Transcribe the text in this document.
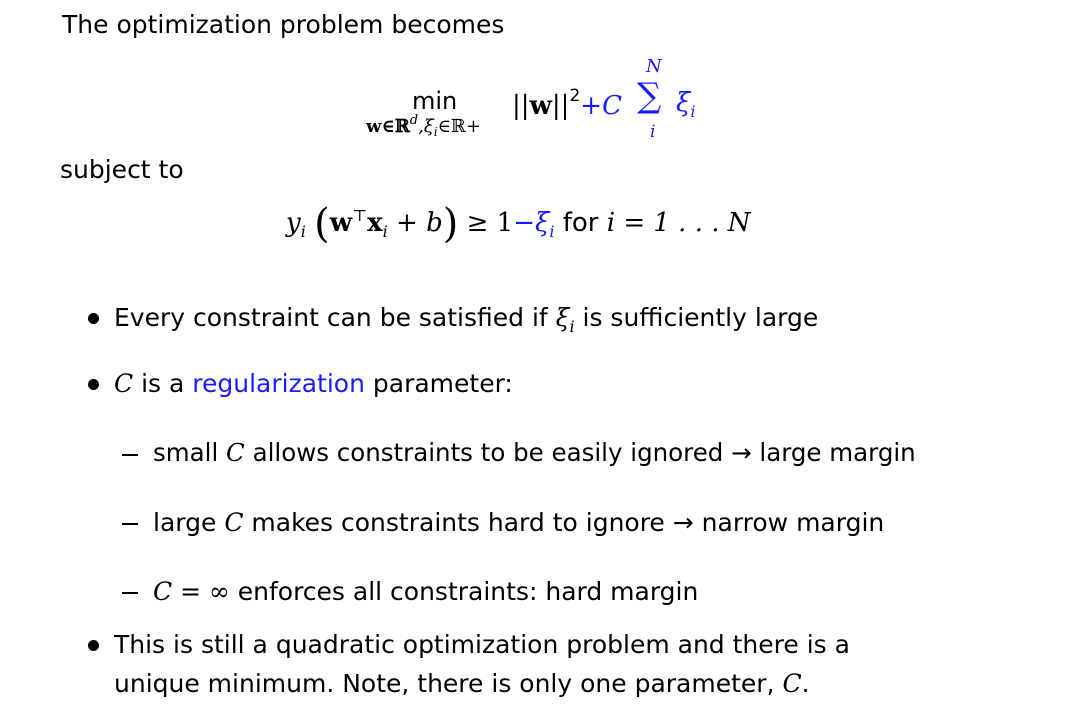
The optimization problem becomes
min
$w\in ℝ^d,\xi_i\in ℝ+$
$||w||^2+C$
N
∑
i
$\xi_i$
subject to
$y_i$ $(w^⊤x_i + b) \ge 1-\xi_i$ for i = 1 . . . N
Every constraint can be satisfied if $\xi_i$ is sufficiently large
C is a regularization parameter:
small C allows constraints to be easily ignored → large margin
large C makes constraints hard to ignore → narrow margin
C = ∞ enforces all constraints: hard margin
This is still a quadratic optimization problem and there is a
unique minimum. Note, there is only one parameter, C.
